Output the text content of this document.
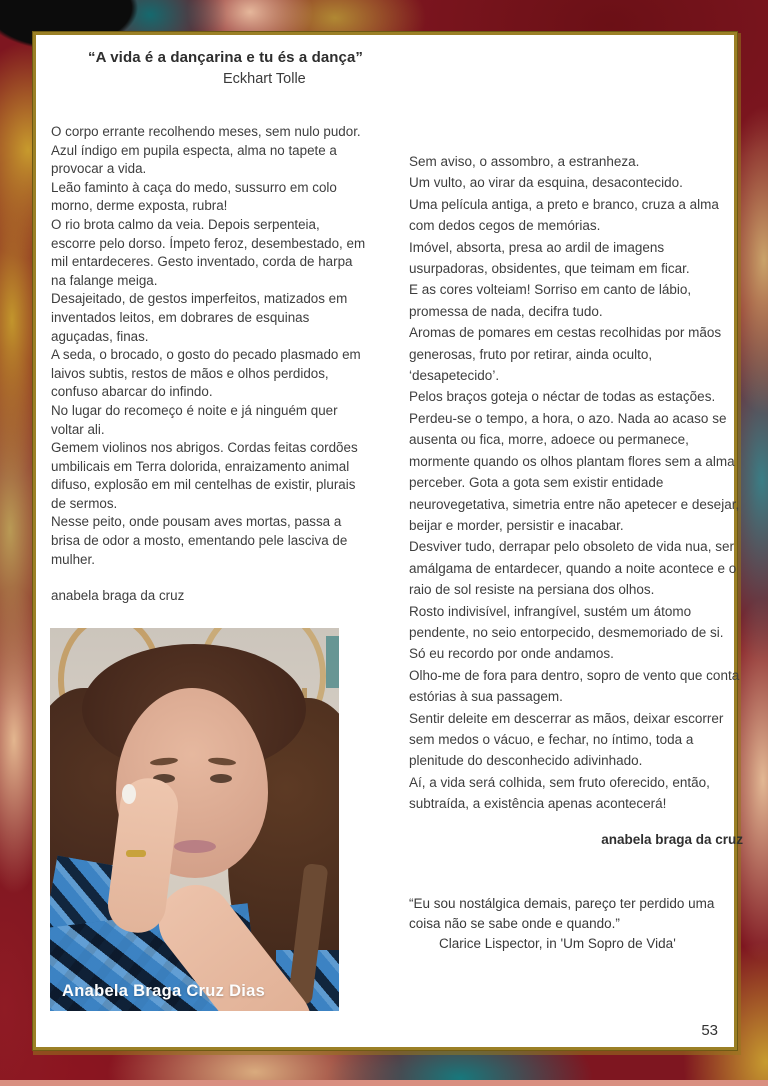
“A vida é a dançarina e tu és a dança”
Eckhart Tolle

O corpo errante recolhendo meses, sem nulo pudor. Azul índigo em pupila especta, alma no tapete a provocar a vida.

Leão faminto à caça do medo, sussurro em colo morno, derme exposta, rubra!

O rio brota calmo da veia. Depois serpenteia, escorre pelo dorso. Ímpeto feroz, desembestado, em mil entardeceres. Gesto inventado, corda de harpa na falange meiga.

Desajeitado, de gestos imperfeitos, matizados em inventados leitos, em dobrares de esquinas aguçadas, finas.

A seda, o brocado, o gosto do pecado plasmado em laivos subtis, restos de mãos e olhos perdidos, confuso abarcar do infindo.

No lugar do recomeço é noite e já ninguém quer voltar ali.

Gemem violinos nos abrigos. Cordas feitas cordões umbilicais em Terra dolorida, enraizamento animal difuso, explosão em mil centelhas de existir, plurais de sermos.

Nesse peito, onde pousam aves mortas, passa a brisa de odor a mosto, ementando pele lasciva de mulher.

anabela braga da cruz

Sem aviso, o assombro, a estranheza.

Um vulto, ao virar da esquina, desacontecido.

Uma película antiga, a preto e branco, cruza a alma com dedos cegos de memórias.

Imóvel, absorta, presa ao ardil de imagens usurpadoras, obsidentes, que teimam em ficar.

E as cores volteiam! Sorriso em canto de lábio, promessa de nada, decifra tudo.

Aromas de pomares em cestas recolhidas por mãos generosas, fruto por retirar, ainda oculto, ‘desapetecido’.

Pelos braços goteja o néctar de todas as estações.

Perdeu-se o tempo, a hora, o azo. Nada ao acaso se ausenta ou fica, morre, adoece ou permanece, mormente quando os olhos plantam flores sem a alma perceber. Gota a gota sem existir entidade neurovegetativa, simetria entre não apetecer e desejar, beijar e morder, persistir e inacabar.

Desviver tudo, derrapar pelo obsoleto de vida nua, ser amálgama de entardecer, quando a noite acontece e o raio de sol resiste na persiana dos olhos.

Rosto indivisível, infrangível, sustém um átomo pendente, no seio entorpecido, desmemoriado de si.

Só eu recordo por onde andamos.

Olho-me de fora para dentro, sopro de vento que conta estórias à sua passagem.

Sentir deleite em descerrar as mãos, deixar escorrer sem medos o vácuo, e fechar, no íntimo, toda a plenitude do desconhecido adivinhado.

Aí, a vida será colhida, sem fruto oferecido, então, subtraída, a existência apenas acontecerá!

anabela braga da cruz
“Eu sou nostálgica demais, pareço ter perdido uma coisa não se sabe onde e quando.”
Clarice Lispector, in 'Um Sopro de Vida'
Anabela Braga Cruz Dias
53
